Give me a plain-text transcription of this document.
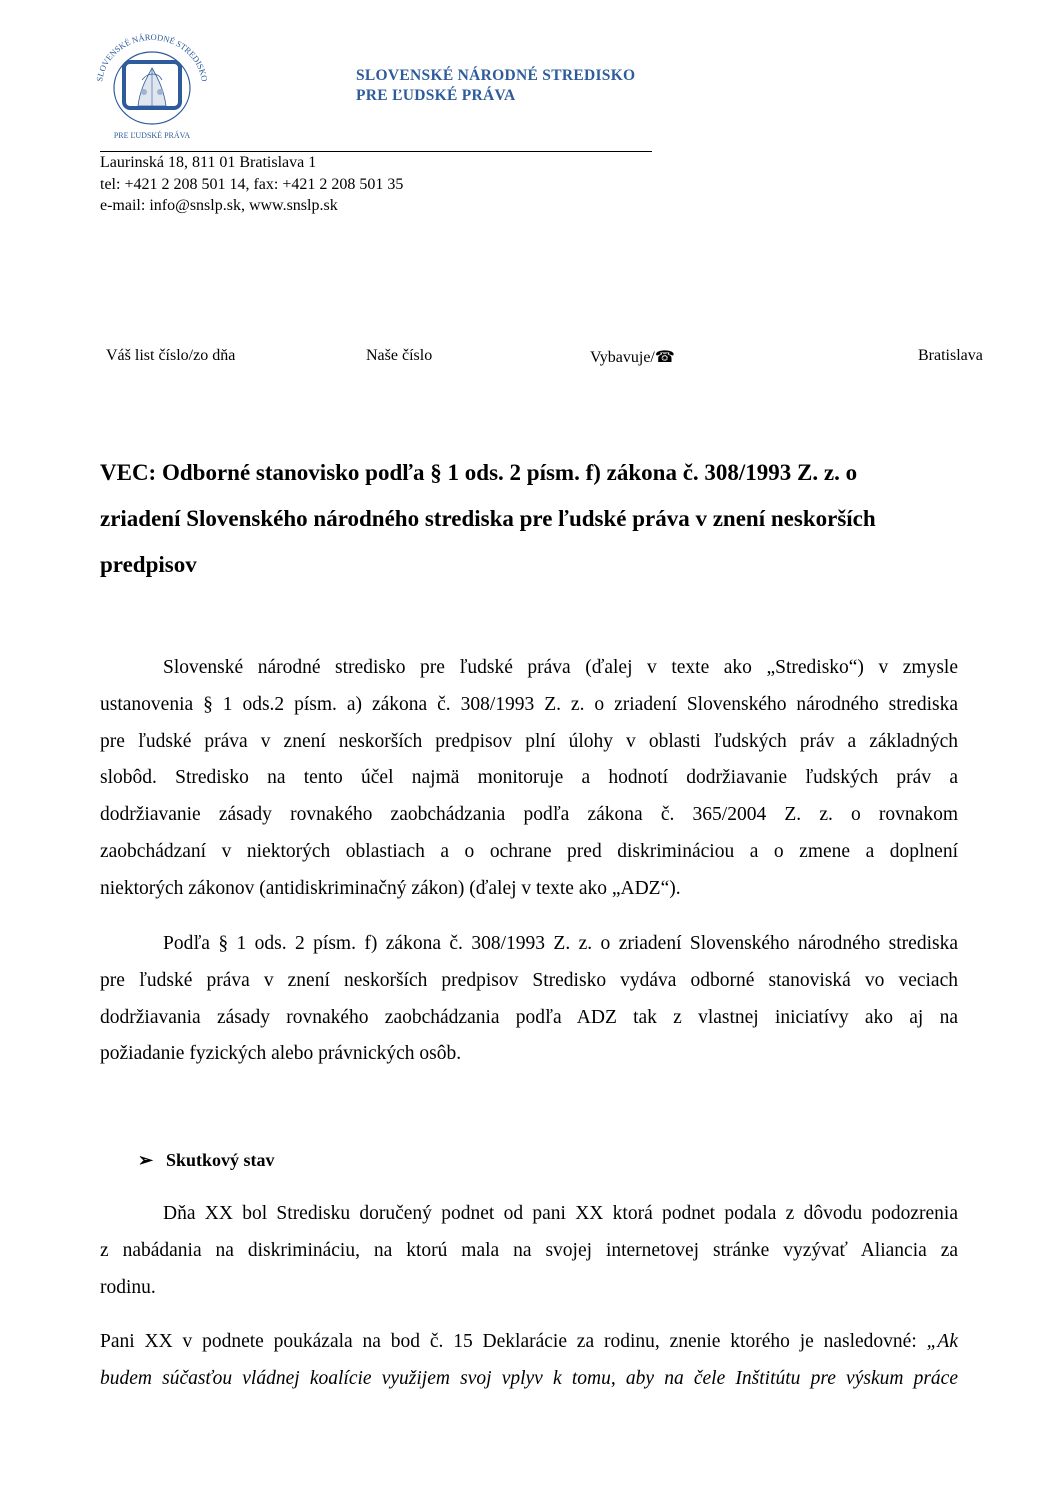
SLOVENSKÉ NÁRODNÉ STREDISKO
PRE ĽUDSKÉ PRÁVA
SLOVENSKÉ NÁRODNÉ STREDISKO
PRE ĽUDSKÉ PRÁVA
Laurinská 18, 811 01 Bratislava 1
tel: +421 2 208 501 14, fax: +421 2 208 501 35
e-mail: info@snslp.sk, www.snslp.sk
Váš list číslo/zo dňa	Naše číslo	Vybavuje/☎	Bratislava
VEC: Odborné stanovisko podľa § 1 ods. 2 písm. f) zákona č. 308/1993 Z. z. o
zriadení Slovenského národného strediska pre ľudské práva v znení neskorších
predpisov
Slovenské národné stredisko pre ľudské práva (ďalej v texte ako „Stredisko“) v zmysle
ustanovenia § 1 ods.2 písm. a) zákona č. 308/1993 Z. z. o zriadení Slovenského národného strediska
pre ľudské práva v znení neskorších predpisov plní úlohy v oblasti ľudských práv a základných
slobôd. Stredisko na tento účel najmä monitoruje a hodnotí dodržiavanie ľudských práv a
dodržiavanie zásady rovnakého zaobchádzania podľa zákona č. 365/2004 Z. z. o rovnakom
zaobchádzaní v niektorých oblastiach a o ochrane pred diskrimináciou a o zmene a doplnení
niektorých zákonov (antidiskriminačný zákon) (ďalej v texte ako „ADZ“).
Podľa § 1 ods. 2 písm. f) zákona č. 308/1993 Z. z. o zriadení Slovenského národného strediska
pre ľudské práva v znení neskorších predpisov Stredisko vydáva odborné stanoviská vo veciach
dodržiavania zásady rovnakého zaobchádzania podľa ADZ tak z vlastnej iniciatívy ako aj na
požiadanie fyzických alebo právnických osôb.
➢ Skutkový stav
Dňa XX bol Stredisku doručený podnet od pani XX ktorá podnet podala z dôvodu podozrenia
z nabádania na diskrimináciu, na ktorú mala na svojej internetovej stránke vyzývať Aliancia za
rodinu.
Pani XX v podnete poukázala na bod č. 15 Deklarácie za rodinu, znenie ktorého je nasledovné: „Ak
budem súčasťou vládnej koalície využijem svoj vplyv k tomu, aby na čele Inštitútu pre výskum práce
